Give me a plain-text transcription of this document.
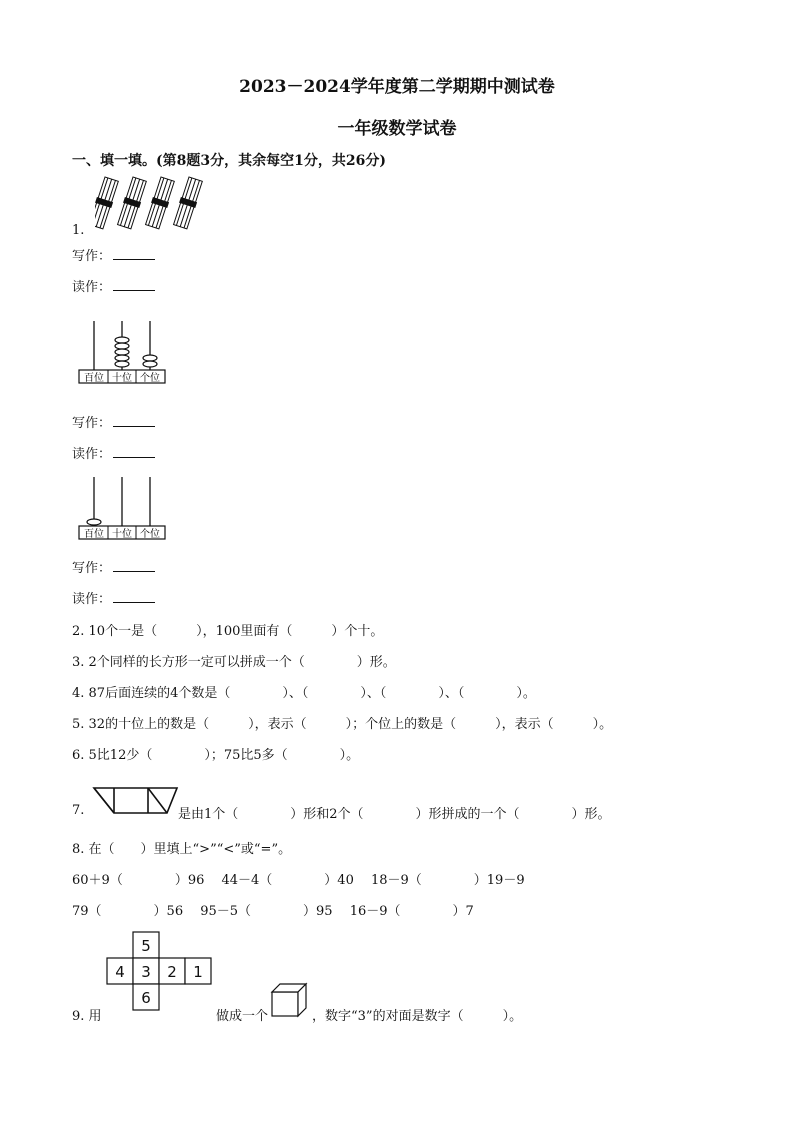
2023－2024学年度第二学期期中测试卷
一年级数学试卷
一、填一填。(第8题3分，其余每空1分，共26分)
1.
写作：
读作：
百位 十位 个位
写作：
读作：
百位 十位 个位
写作：
读作：
2. 10个一是（　　　），100里面有（　　　）个十。
3. 2个同样的长方形一定可以拼成一个（　　　　）形。
4. 87后面连续的4个数是（　　　　）、（　　　　）、（　　　　）、（　　　　）。
5. 32的十位上的数是（　　　），表示（　　　）；个位上的数是（　　　），表示（　　　）。
6. 5比12少（　　　　）；75比5多（　　　　）。
7.	是由1个（　　　　）形和2个（　　　　）形拼成的一个（　　　　）形。
8. 在（　　）里填上“>”“<”或“=”。
60＋9（　　　　）96　 44－4（　　　　）40　 18－9（　　　　）19－9
79（　　　　）56　 95－5（　　　　）95　 16－9（　　　　）7
5
4 3 2 1
6
9. 用	做成一个	，数字“3”的对面是数字（　　　）。
